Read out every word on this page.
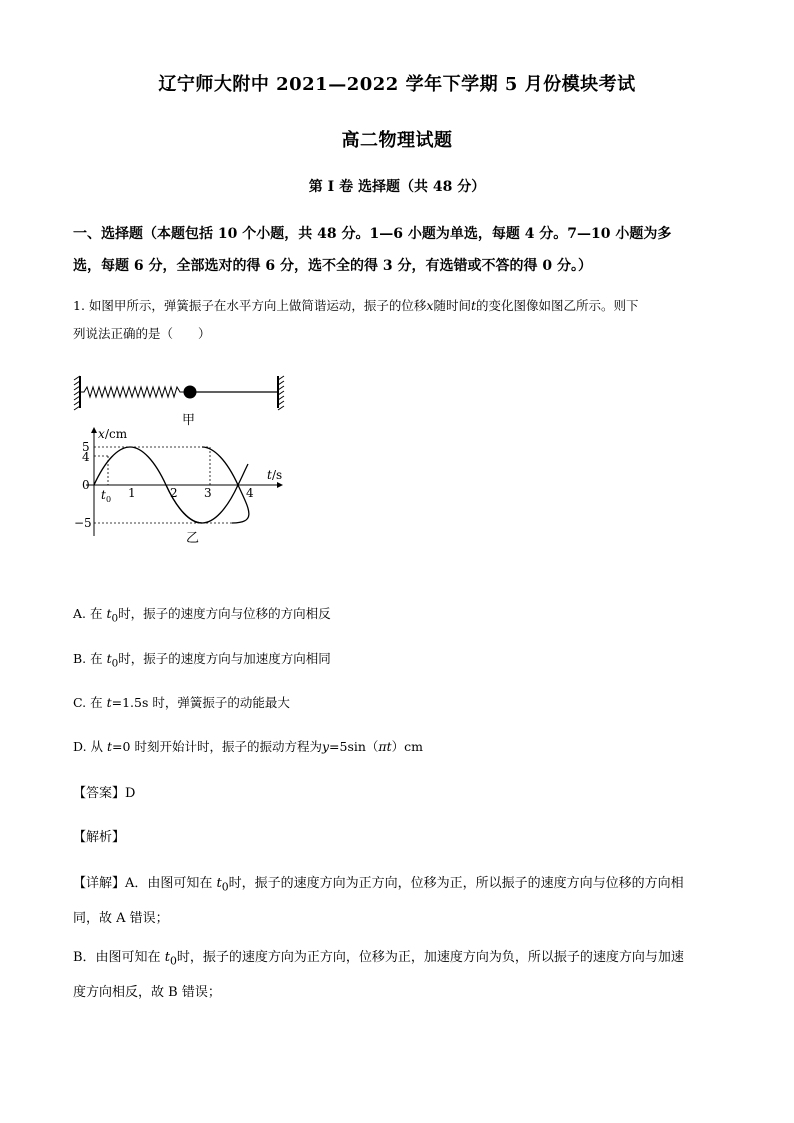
辽宁师大附中 2021—2022 学年下学期 5 月份模块考试
高二物理试题
第 I 卷 选择题（共 48 分）
一、选择题（本题包括 10 个小题，共 48 分。1—6 小题为单选，每题 4 分。7—10 小题为多
选，每题 6 分，全部选对的得 6 分，选不全的得 3 分，有选错或不答的得 0 分。）
1. 如图甲所示，弹簧振子在水平方向上做简谐运动，振子的位移x随时间t的变化图像如图乙所示。则下
列说法正确的是（　　）
甲
x /cm
t /s
5
4
0
−5
t 0 1	2 3	4
乙
A. 在 $t_0$时，振子的速度方向与位移的方向相反
B. 在 $t_0$时，振子的速度方向与加速度方向相同
C. 在 t=1.5s 时，弹簧振子的动能最大
D. 从 t=0 时刻开始计时，振子的振动方程为y=5sin（πt）cm
【答案】D
【解析】
【详解】A．由图可知在 $t_0$时，振子的速度方向为正方向，位移为正，所以振子的速度方向与位移的方向相
同，故 A 错误；
B．由图可知在 $t_0$时，振子的速度方向为正方向，位移为正，加速度方向为负，所以振子的速度方向与加速
度方向相反，故 B 错误；
